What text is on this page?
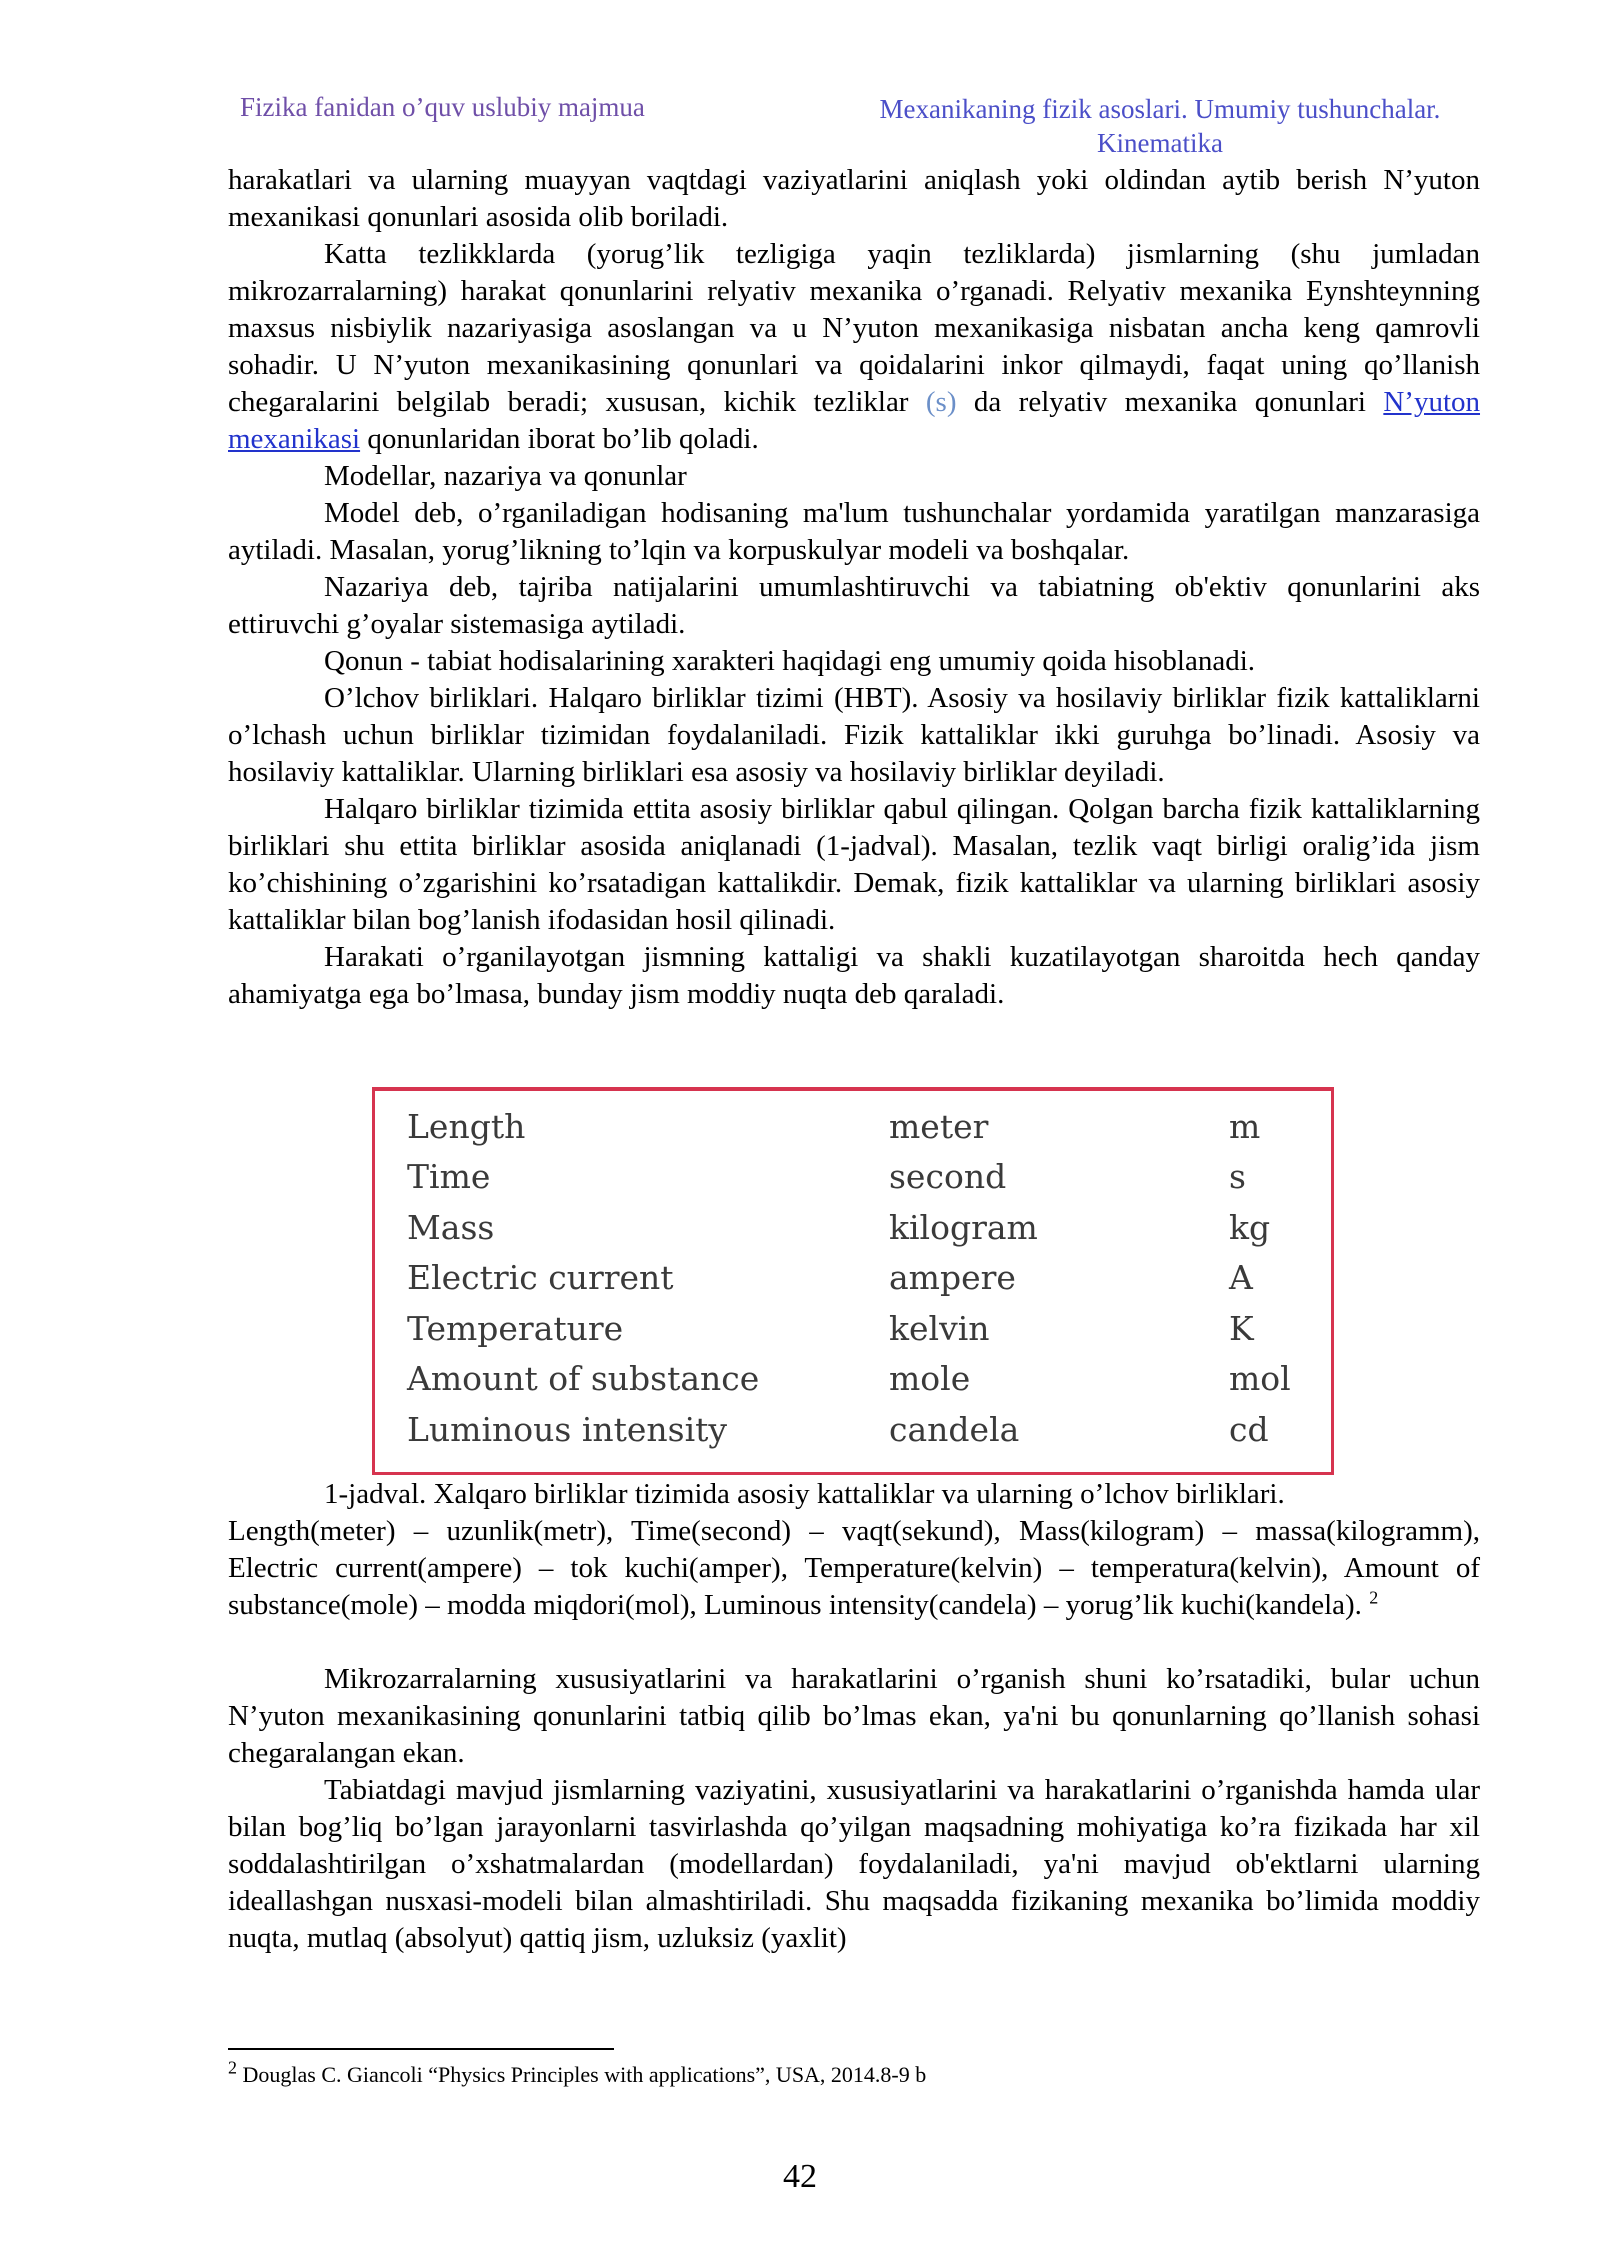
Fizika fanidan o’quv uslubiy majmua	Mexanikaning fizik asoslari. Umumiy tushunchalar.
Kinematika

harakatlari va ularning muayyan vaqtdagi vaziyatlarini aniqlash yoki oldindan aytib berish N’yuton mexanikasi qonunlari asosida olib boriladi.

Katta tezlikklarda (yorug’lik tezligiga yaqin tezliklarda) jismlarning (shu jumladan mikrozarralarning) harakat qonunlarini relyativ mexanika o’rganadi. Relyativ mexanika Eynshteynning maxsus nisbiylik nazariyasiga asoslangan va u N’yuton mexanikasiga nisbatan ancha keng qamrovli sohadir. U N’yuton mexanikasining qonunlari va qoidalarini inkor qilmaydi, faqat uning qo’llanish chegaralarini belgilab beradi; xususan, kichik tezliklar (⁣⁣⁣s) da relyativ mexanika qonunlari N’yuton mexanikasi qonunlaridan iborat bo’lib qoladi.

Modellar, nazariya va qonunlar

Model deb, o’rganiladigan hodisaning ma'lum tushunchalar yordamida yaratilgan manzarasiga aytiladi. Masalan, yorug’likning to’lqin va korpuskulyar modeli va boshqalar.

Nazariya deb, tajriba natijalarini umumlashtiruvchi va tabiatning ob'ektiv qonunlarini aks ettiruvchi g’oyalar sistemasiga aytiladi.

Qonun - tabiat hodisalarining xarakteri haqidagi eng umumiy qoida hisoblanadi.

O’lchov birliklari. Halqaro birliklar tizimi (HBT). Asosiy va hosilaviy birliklar fizik kattaliklarni o’lchash uchun birliklar tizimidan foydalaniladi. Fizik kattaliklar ikki guruhga bo’linadi. Asosiy va hosilaviy kattaliklar. Ularning birliklari esa asosiy va hosilaviy birliklar deyiladi.

Halqaro birliklar tizimida ettita asosiy birliklar qabul qilingan. Qolgan barcha fizik kattaliklarning birliklari shu ettita birliklar asosida aniqlanadi (1-jadval). Masalan, tezlik vaqt birligi oralig’ida jism ko’chishining o’zgarishini ko’rsatadigan kattalikdir. Demak, fizik kattaliklar va ularning birliklari asosiy kattaliklar bilan bog’lanish ifodasidan hosil qilinadi.

Harakati o’rganilayotgan jismning kattaligi va shakli kuzatilayotgan sharoitda hech qanday ahamiyatga ega bo’lmasa, bunday jism moddiy nuqta deb qaraladi.

Length	meter	m
Time	second	s
Mass	kilogram	kg
Electric current	ampere	A
Temperature	kelvin	K
Amount of substance	mole	mol
Luminous intensity	candela	cd

1-jadval. Xalqaro birliklar tizimida asosiy kattaliklar va ularning o’lchov birliklari.

Length(meter) – uzunlik(metr), Time(second) – vaqt(sekund), Mass(kilogram) – massa(kilogramm), Electric current(ampere) – tok kuchi(amper), Temperature(kelvin) – temperatura(kelvin), Amount of substance(mole) – modda miqdori(mol), Luminous intensity(candela) – yorug’lik kuchi(kandela). $^2$

Mikrozarralarning xususiyatlarini va harakatlarini o’rganish shuni ko’rsatadiki, bular uchun N’yuton mexanikasining qonunlarini tatbiq qilib bo’lmas ekan, ya'ni bu qonunlarning qo’llanish sohasi chegaralangan ekan.

Tabiatdagi mavjud jismlarning vaziyatini, xususiyatlarini va harakatlarini o’rganishda hamda ular bilan bog’liq bo’lgan jarayonlarni tasvirlashda qo’yilgan maqsadning mohiyatiga ko’ra fizikada har xil soddalashtirilgan o’xshatmalardan (modellardan) foydalaniladi, ya'ni mavjud ob'ektlarni ularning ideallashgan nusxasi-modeli bilan almashtiriladi. Shu maqsadda fizikaning mexanika bo’limida moddiy nuqta, mutlaq (absolyut) qattiq jism, uzluksiz (yaxlit)

$^2$ Douglas C. Giancoli “Physics Principles with applications”, USA, 2014.8-9 b
42
